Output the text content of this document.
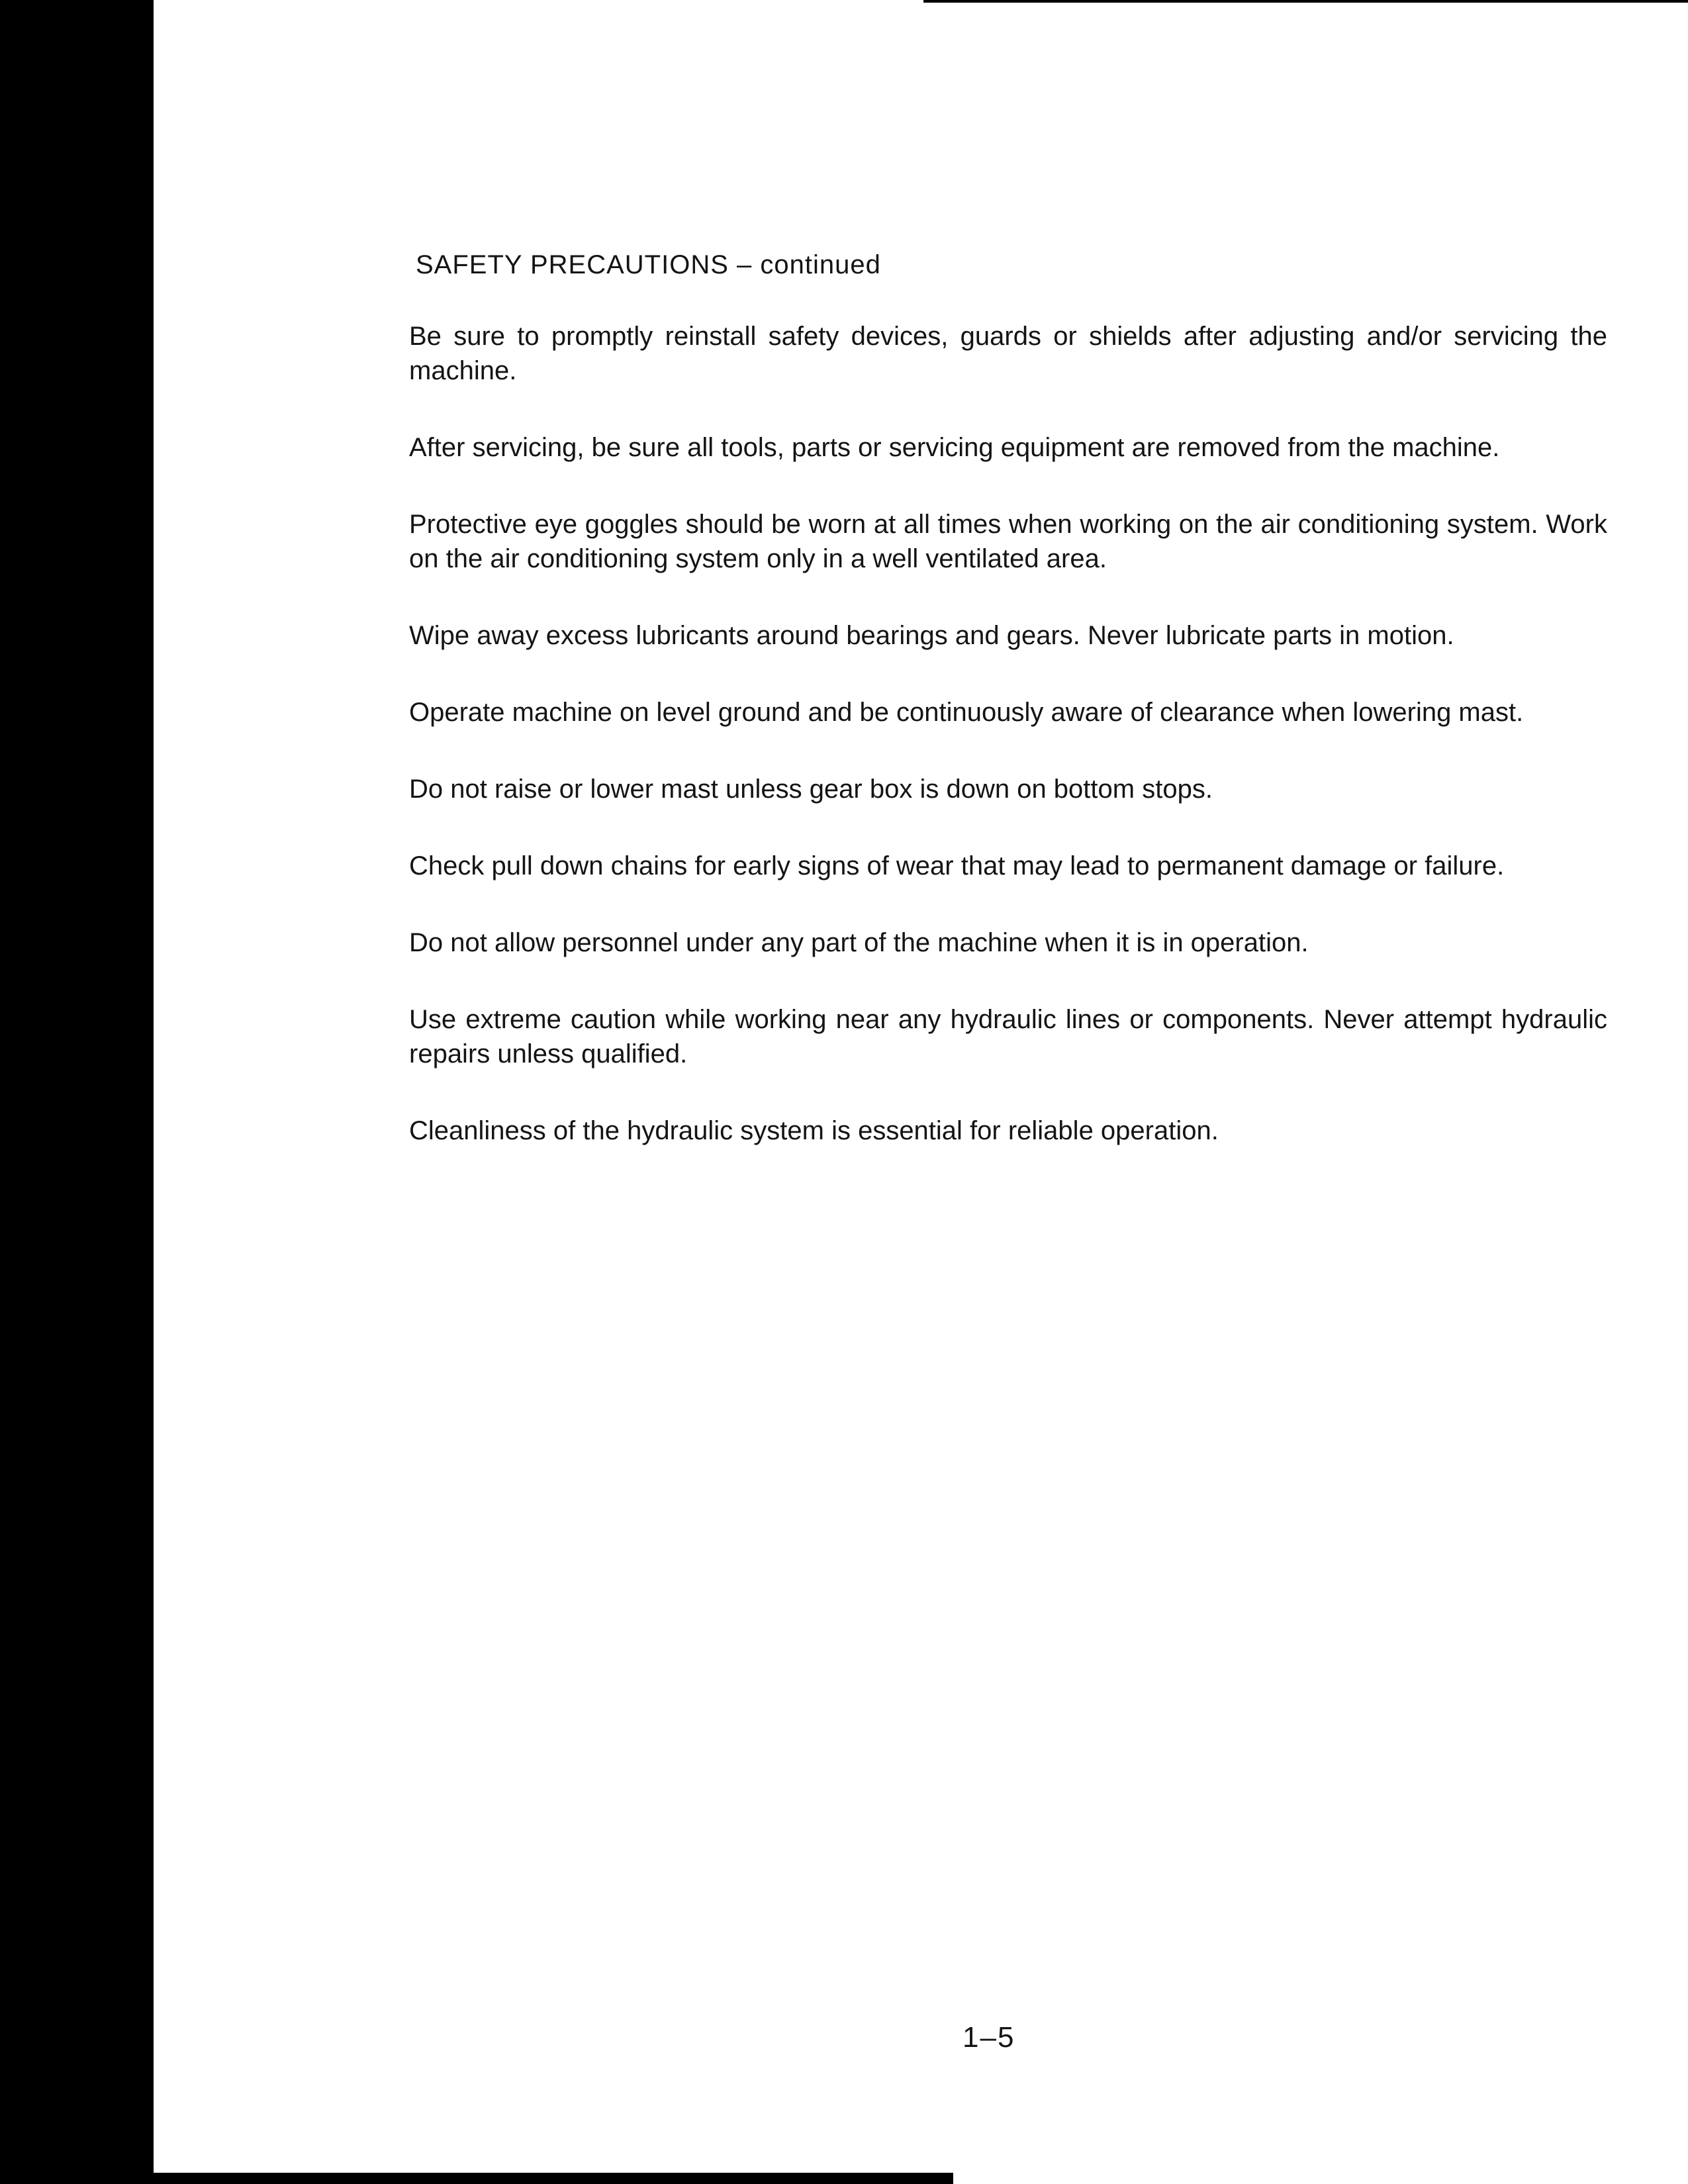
SAFETY PRECAUTIONS – continued

Be sure to promptly reinstall safety devices, guards or shields after adjusting and/or servicing the machine.

After servicing, be sure all tools, parts or servicing equipment are removed from the machine.

Protective eye goggles should be worn at all times when working on the air conditioning system. Work on the air conditioning system only in a well ventilated area.

Wipe away excess lubricants around bearings and gears. Never lubricate parts in motion.

Operate machine on level ground and be continuously aware of clearance when lowering mast.

Do not raise or lower mast unless gear box is down on bottom stops.

Check pull down chains for early signs of wear that may lead to permanent damage or failure.

Do not allow personnel under any part of the machine when it is in operation.

Use extreme caution while working near any hydraulic lines or components. Never attempt hydraulic repairs unless qualified.

Cleanliness of the hydraulic system is essential for reliable operation.

1–5
